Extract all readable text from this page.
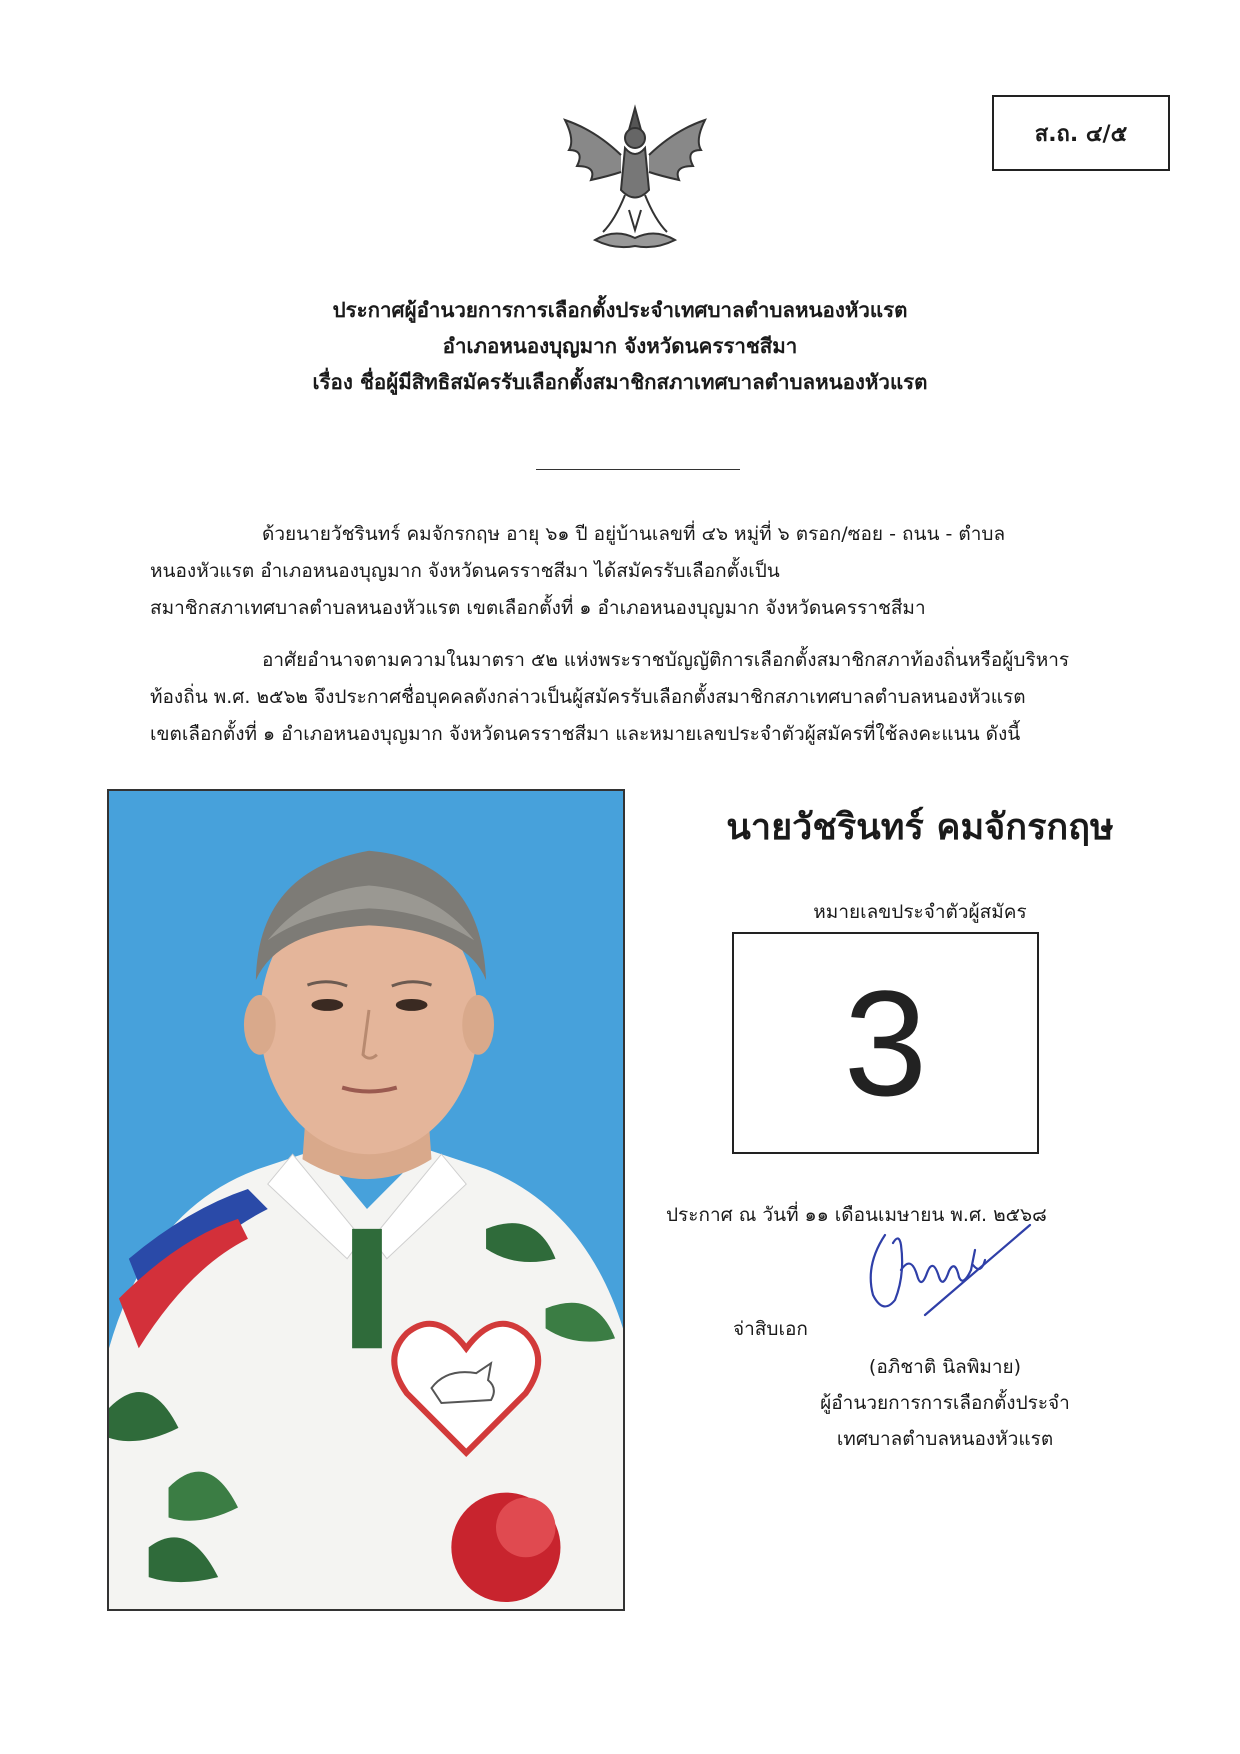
ส.ถ. ๔/๕
ประกาศผู้อำนวยการการเลือกตั้งประจำเทศบาลตำบลหนองหัวแรต
อำเภอหนองบุญมาก จังหวัดนครราชสีมา
เรื่อง ชื่อผู้มีสิทธิสมัครรับเลือกตั้งสมาชิกสภาเทศบาลตำบลหนองหัวแรต
ด้วยนายวัชรินทร์ คมจักรกฤษ อายุ ๖๑ ปี อยู่บ้านเลขที่ ๔๖ หมู่ที่ ๖ ตรอก/ซอย - ถนน - ตำบล
หนองหัวแรต อำเภอหนองบุญมาก จังหวัดนครราชสีมา ได้สมัครรับเลือกตั้งเป็น
สมาชิกสภาเทศบาลตำบลหนองหัวแรต เขตเลือกตั้งที่ ๑ อำเภอหนองบุญมาก จังหวัดนครราชสีมา
อาศัยอำนาจตามความในมาตรา ๕๒ แห่งพระราชบัญญัติการเลือกตั้งสมาชิกสภาท้องถิ่นหรือผู้บริหาร
ท้องถิ่น พ.ศ. ๒๕๖๒ จึงประกาศชื่อบุคคลดังกล่าวเป็นผู้สมัครรับเลือกตั้งสมาชิกสภาเทศบาลตำบลหนองหัวแรต
เขตเลือกตั้งที่ ๑ อำเภอหนองบุญมาก จังหวัดนครราชสีมา และหมายเลขประจำตัวผู้สมัครที่ใช้ลงคะแนน ดังนี้
นายวัชรินทร์ คมจักรกฤษ
หมายเลขประจำตัวผู้สมัคร
3
ประกาศ ณ วันที่ ๑๑ เดือนเมษายน พ.ศ. ๒๕๖๘
จ่าสิบเอก
(อภิชาติ นิลพิมาย)
ผู้อำนวยการการเลือกตั้งประจำ
เทศบาลตำบลหนองหัวแรต
